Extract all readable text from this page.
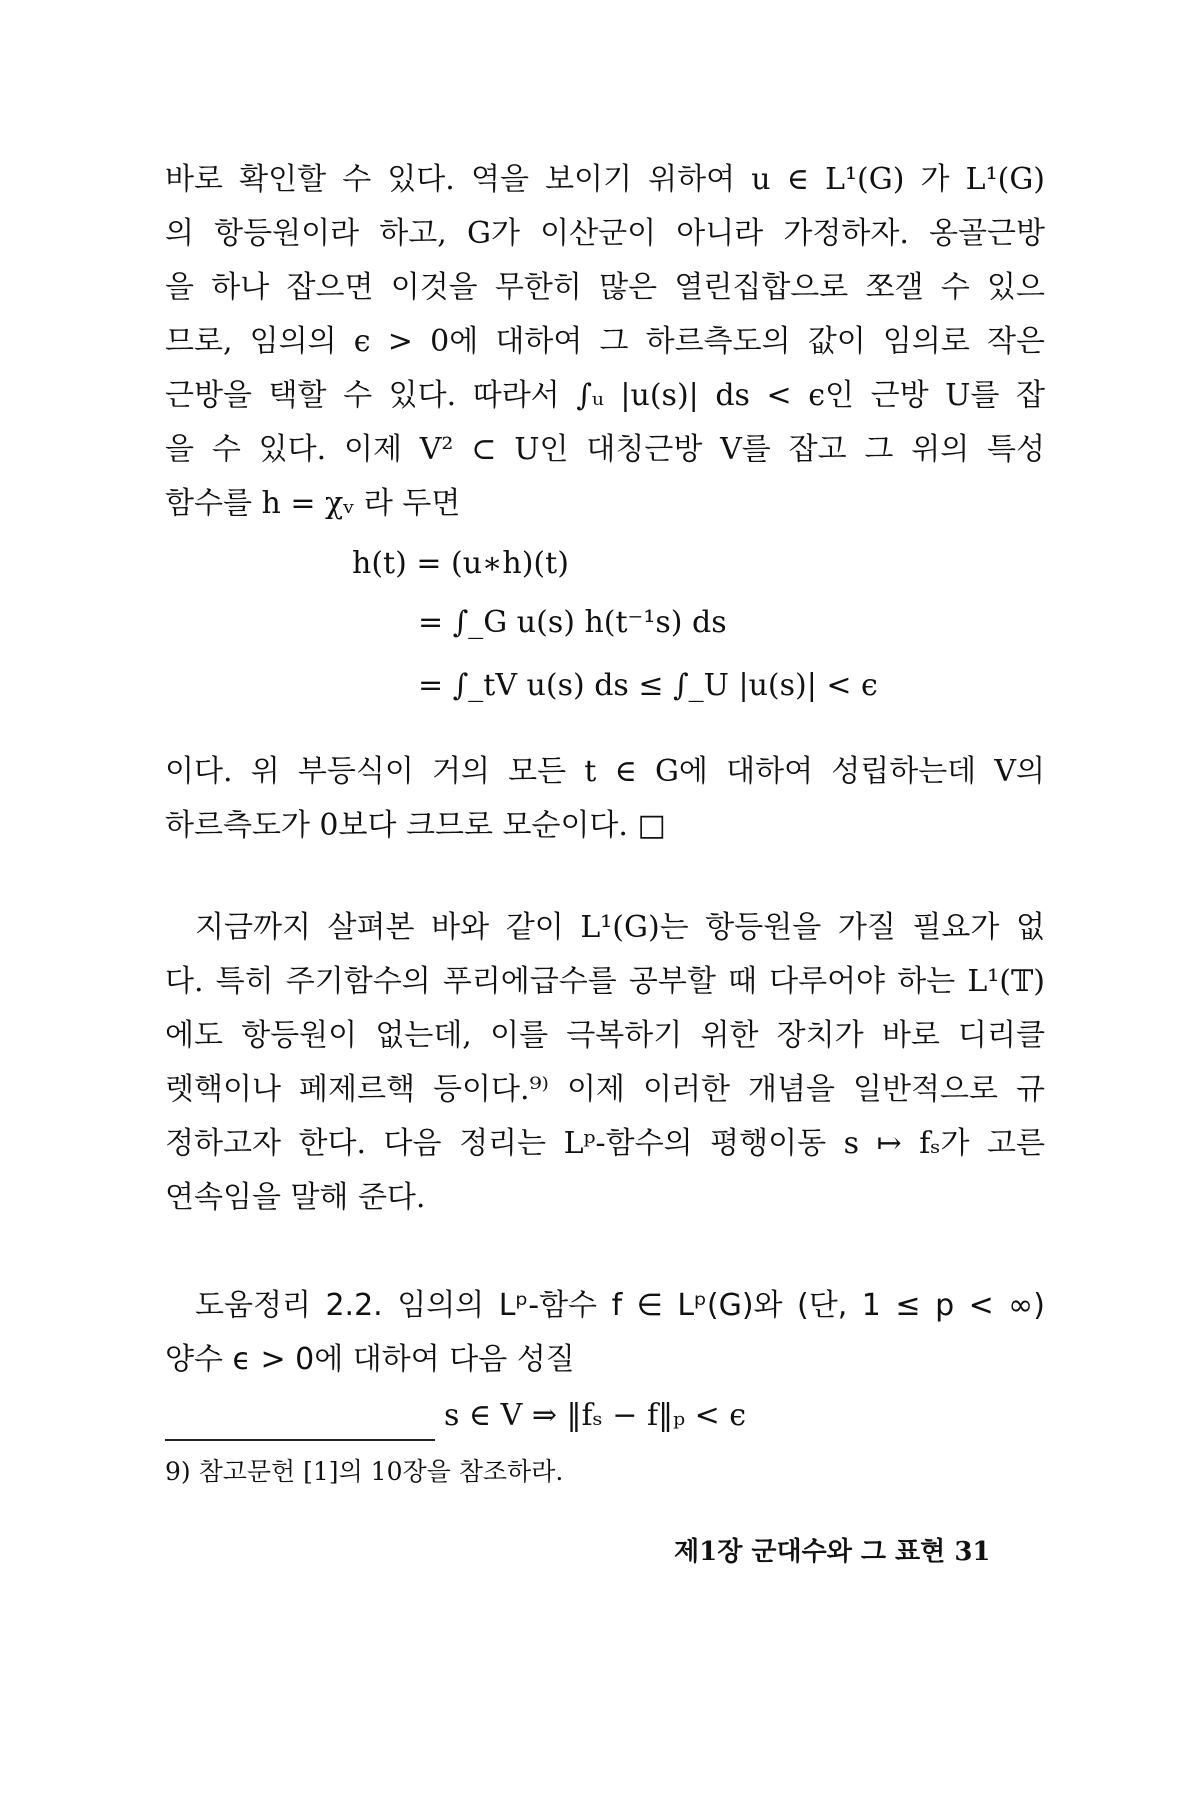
바로 확인할 수 있다. 역을 보이기 위하여 u ∈ L¹(G) 가 L¹(G)
의 항등원이라 하고, G가 이산군이 아니라 가정하자. 옹골근방
을 하나 잡으면 이것을 무한히 많은 열린집합으로 쪼갤 수 있으
므로, 임의의 ϵ > 0에 대하여 그 하르측도의 값이 임의로 작은
근방을 택할 수 있다. 따라서 ∫ᵤ |u(s)| ds < ϵ인 근방 U를 잡
을 수 있다. 이제 V² ⊂ U인 대칭근방 V를 잡고 그 위의 특성
함수를 h = χᵥ 라 두면
h(t) = (u∗h)(t)
= ∫_G u(s) h(t⁻¹s) ds
= ∫_tV u(s) ds ≤ ∫_U |u(s)| < ϵ
이다. 위 부등식이 거의 모든 t ∈ G에 대하여 성립하는데 V의
하르측도가 0보다 크므로 모순이다. □
지금까지 살펴본 바와 같이 L¹(G)는 항등원을 가질 필요가 없
다. 특히 주기함수의 푸리에급수를 공부할 때 다루어야 하는 L¹(𝕋)
에도 항등원이 없는데, 이를 극복하기 위한 장치가 바로 디리클
렛핵이나 페제르핵 등이다.⁹⁾ 이제 이러한 개념을 일반적으로 규
정하고자 한다. 다음 정리는 Lᵖ-함수의 평행이동 s ↦ fₛ가 고른
연속임을 말해 준다.
도움정리 2.2. 임의의 Lᵖ-함수 f ∈ Lᵖ(G)와 (단, 1 ≤ p < ∞)
양수 ϵ > 0에 대하여 다음 성질
s ∈ V ⇒ ‖fₛ − f‖ₚ < ϵ
9) 참고문헌 [1]의 10장을 참조하라.
제1장 군대수와 그 표현 31
